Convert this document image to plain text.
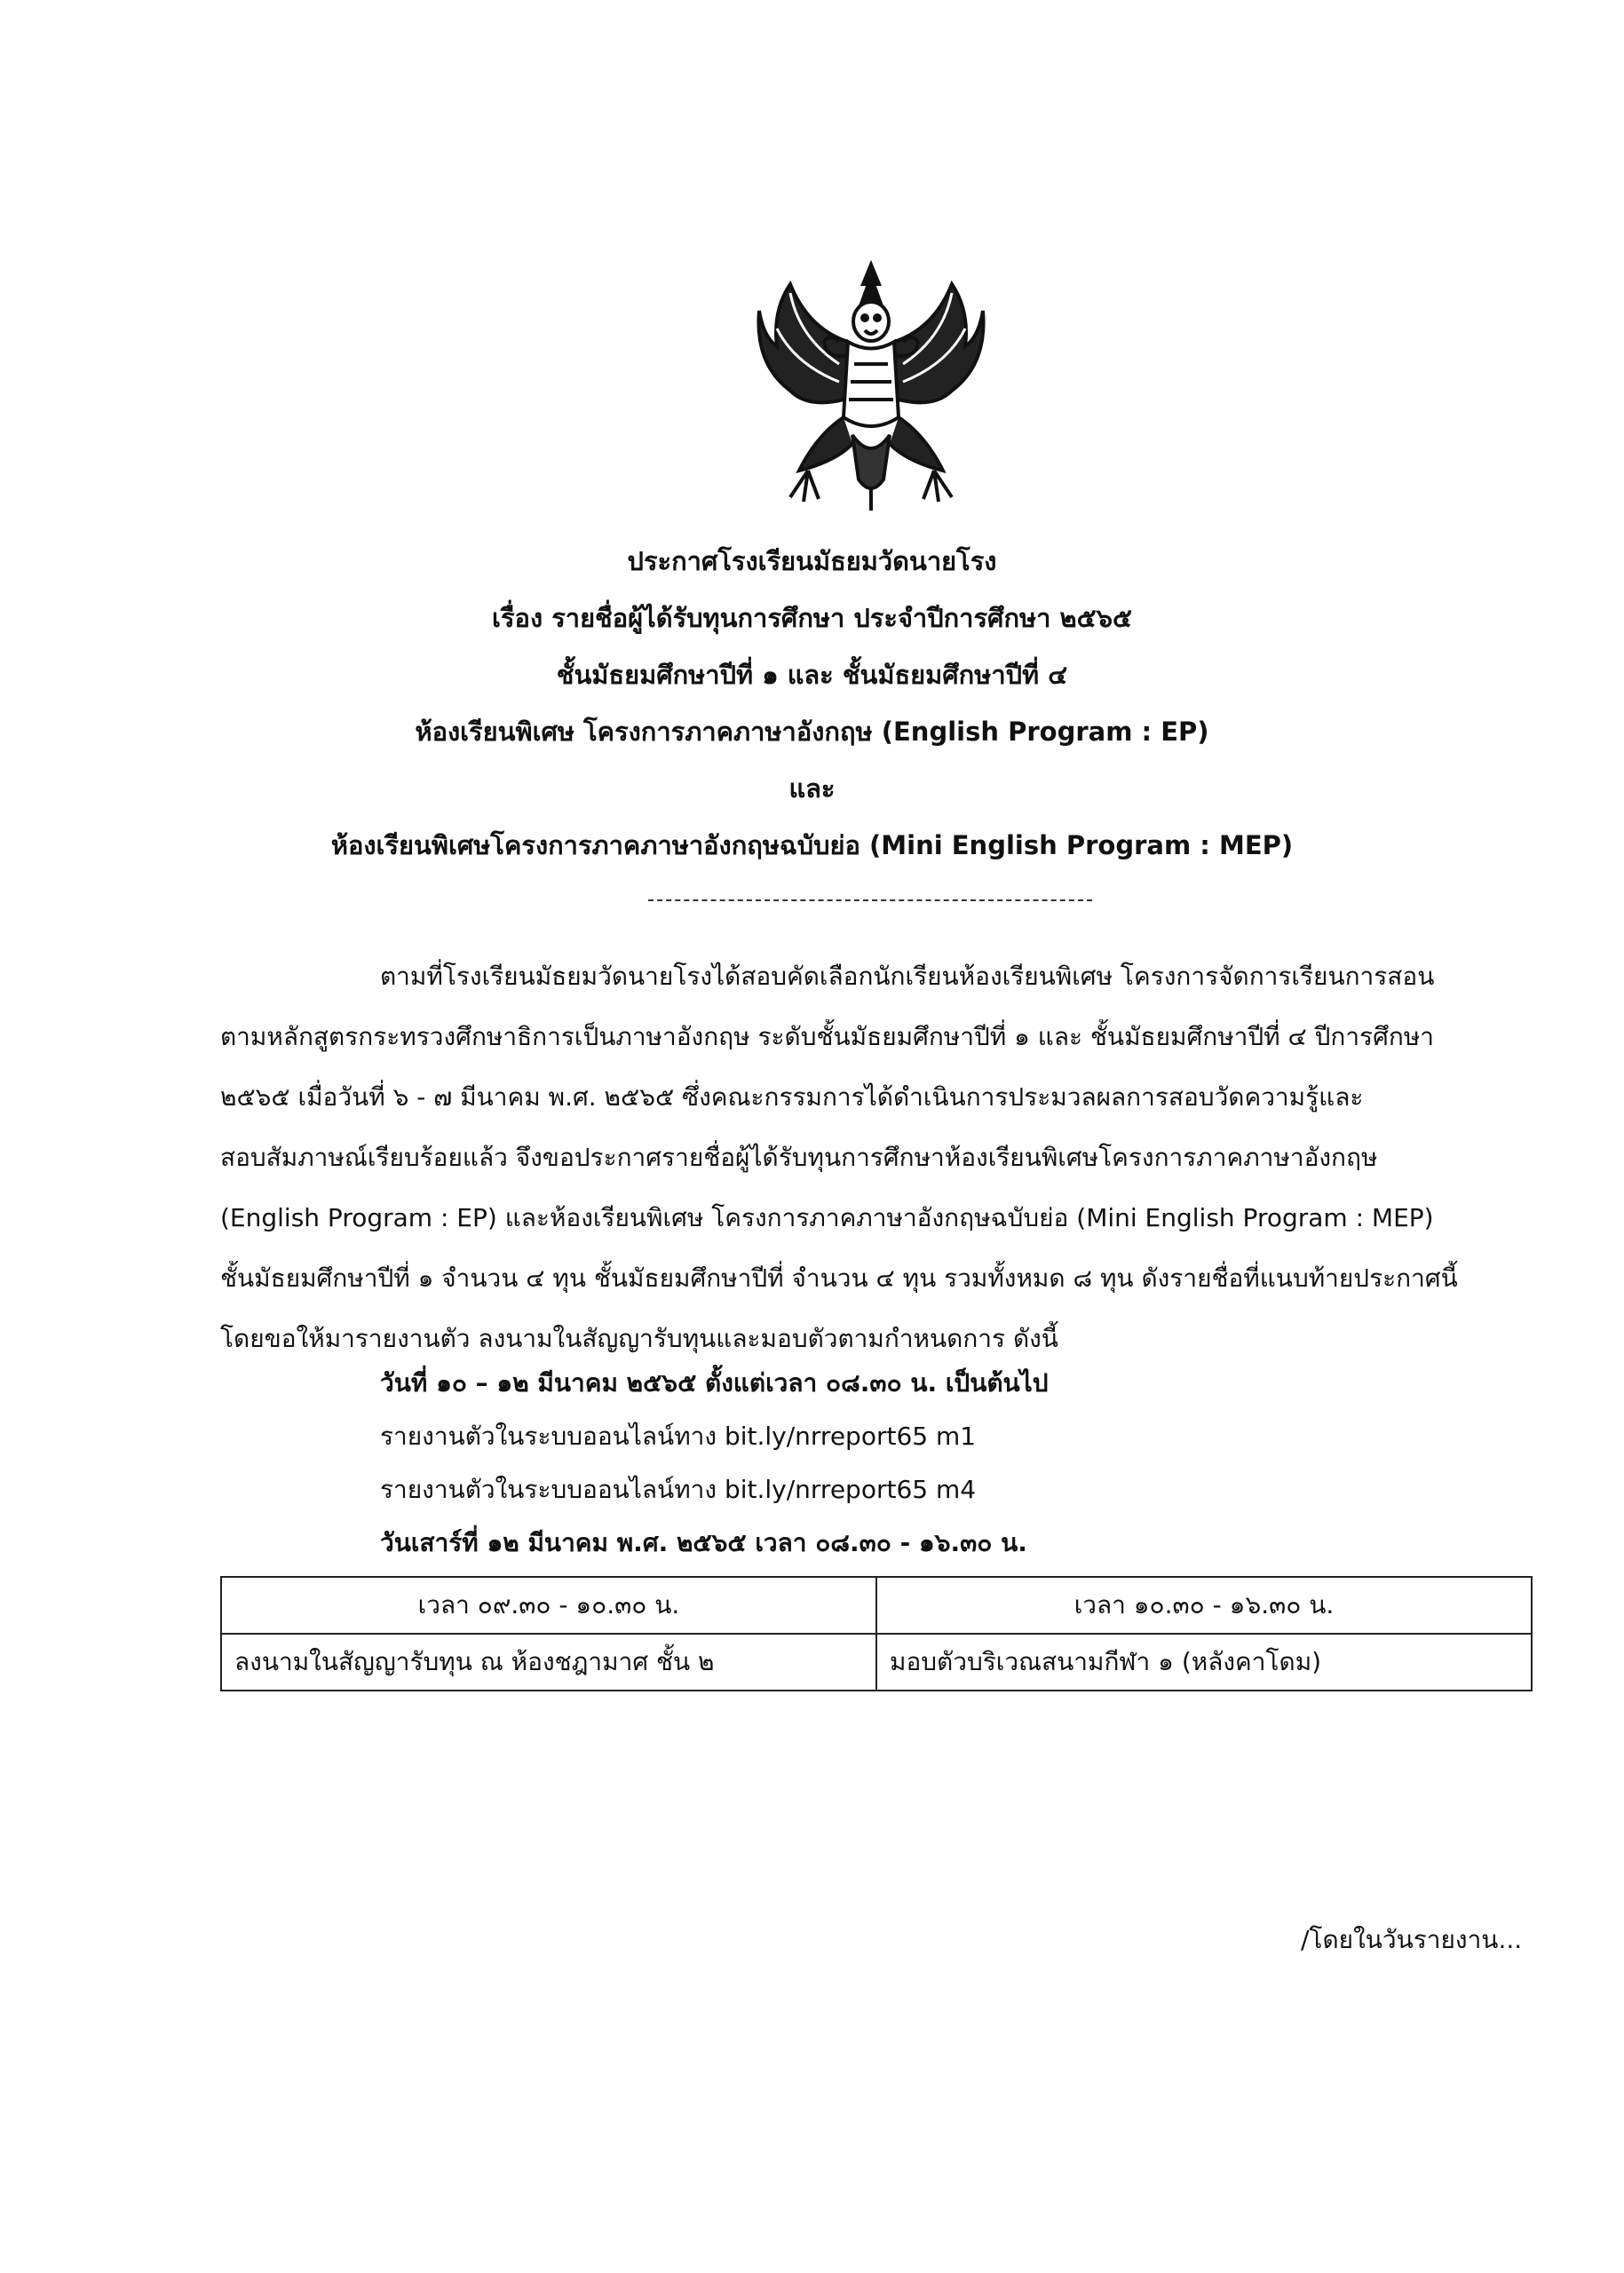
ประกาศโรงเรียนมัธยมวัดนายโรง
เรื่อง รายชื่อผู้ได้รับทุนการศึกษา ประจำปีการศึกษา ๒๕๖๕
ชั้นมัธยมศึกษาปีที่ ๑ และ ชั้นมัธยมศึกษาปีที่ ๔
ห้องเรียนพิเศษ โครงการภาคภาษาอังกฤษ (English Program : EP)
และ
ห้องเรียนพิเศษโครงการภาคภาษาอังกฤษฉบับย่อ (Mini English Program : MEP)
ตามที่โรงเรียนมัธยมวัดนายโรงได้สอบคัดเลือกนักเรียนห้องเรียนพิเศษ โครงการจัดการเรียนการสอน
ตามหลักสูตรกระทรวงศึกษาธิการเป็นภาษาอังกฤษ ระดับชั้นมัธยมศึกษาปีที่ ๑ และ ชั้นมัธยมศึกษาปีที่ ๔ ปีการศึกษา
๒๕๖๕ เมื่อวันที่ ๖ - ๗ มีนาคม พ.ศ. ๒๕๖๕ ซึ่งคณะกรรมการได้ดำเนินการประมวลผลการสอบวัดความรู้และ
สอบสัมภาษณ์เรียบร้อยแล้ว จึงขอประกาศรายชื่อผู้ได้รับทุนการศึกษาห้องเรียนพิเศษโครงการภาคภาษาอังกฤษ
(English Program : EP) และห้องเรียนพิเศษ โครงการภาคภาษาอังกฤษฉบับย่อ (Mini English Program : MEP)
ชั้นมัธยมศึกษาปีที่ ๑ จำนวน ๔ ทุน ชั้นมัธยมศึกษาปีที่ จำนวน ๔ ทุน รวมทั้งหมด ๘ ทุน ดังรายชื่อที่แนบท้ายประกาศนี้
โดยขอให้มารายงานตัว ลงนามในสัญญารับทุนและมอบตัวตามกำหนดการ ดังนี้
วันที่ ๑๐ – ๑๒ มีนาคม ๒๕๖๕ ตั้งแต่เวลา ๐๘.๓๐ น. เป็นต้นไป
รายงานตัวในระบบออนไลน์ทาง bit.ly/nrreport65 m1
รายงานตัวในระบบออนไลน์ทาง bit.ly/nrreport65 m4
วันเสาร์ที่ ๑๒ มีนาคม พ.ศ. ๒๕๖๕ เวลา ๐๘.๓๐ - ๑๖.๓๐ น.
เวลา ๐๙.๓๐ - ๑๐.๓๐ น.	เวลา ๑๐.๓๐ - ๑๖.๓๐ น.
ลงนามในสัญญารับทุน ณ ห้องชฎามาศ ชั้น ๒	มอบตัวบริเวณสนามกีฬา ๑ (หลังคาโดม)
/โดยในวันรายงาน...
